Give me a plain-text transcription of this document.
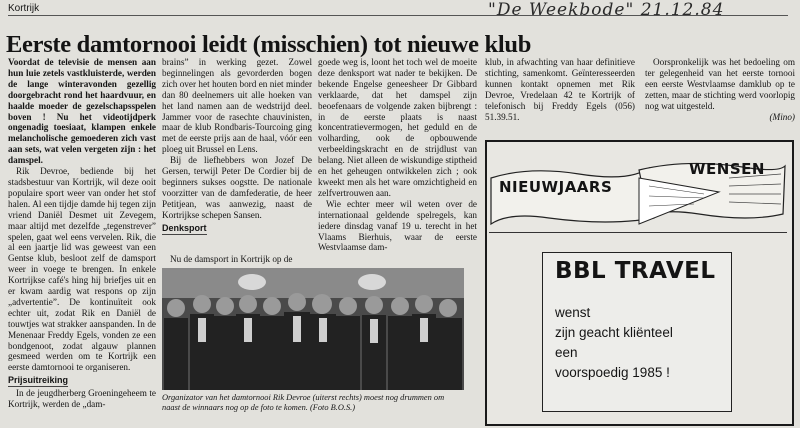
Kortrijk	"De Weekbode" 21.12.84
Eerste damtornooi leidt (misschien) tot nieuwe klub

Voordat de televisie de mensen aan hun luie zetels vastkluisterde, werden de lange winteravonden gezellig doorgebracht rond het haardvuur, en haalde moeder de gezelschapsspelen boven ! Nu het videotijdperk ongenadig toesiaat, klampen enkele melancholische gemoederen zich vast aan sets, wat velen vergeten zijn : het damspel.

Rik Devroe, bediende bij het stadsbestuur van Kortrijk, wil deze ooit populaire sport weer van onder het stof halen. Al een tijdje damde hij tegen zijn vriend Daniël Desmet uit Zevegem, maar altijd met dezelfde „tegenstrever” spelen, gaat wel eens vervelen. Rik, die al een jaartje lid was geweest van een Gentse klub, besloot zelf de damsport weer in voege te brengen. In enkele Kortrijkse café's hing hij briefjes uit en er kwam aardig wat respons op zijn „advertentie”. De kontinuïteit ook echter uit, zodat Rik en Daniël de touwtjes wat strakker aanspanden. In de Menenaar Freddy Egels, vonden ze een bondgenoot, zodat algauw plannen gesmeed werden om te Kortrijk een eerste damtornooi te organiseren.

Prijsuitreiking

In de jeugdherberg Groeningeheem te Kortrijk, werden de „dam-

brains” in werking gezet. Zowel beginnelingen als gevorderden bogen zich over het houten bord en niet minder dan 80 deelnemers uit alle hoeken van het land namen aan de wedstrijd deel. Jammer voor de rasechte chauvinisten, maar de klub Rondbaris-Tourcoing ging met de eerste prijs aan de haal, vóór een ploeg uit Brussel en Lens.

Bij de liefhebbers won Jozef De Gersen, terwijl Peter De Cordier bij de beginners sukses oogstte. De nationale voorzitter van de damfederatie, de heer Petitjean, was aanwezig, naast de Kortrijkse schepen Sansen.

Denksport
Nu de damsport in Kortrijk op de

goede weg is, loont het toch wel de moeite deze denksport wat nader te bekijken. De bekende Engelse geneesheer Dr Gibbard verklaarde, dat het damspel zijn beoefenaars de volgende zaken bijbrengt : in de eerste plaats is naast koncentratievermogen, het geduld en de volharding, ook de opbouwende verbeeldingskracht en de strijdlust van belang. Niet alleen de wiskundige stiptheid en het geheugen ontwikkelen zich ; ook kweekt men als het ware omzichtigheid en zelfvertrouwen aan.

Wie echter meer wil weten over de internationaal geldende spelregels, kan iedere dinsdag vanaf 19 u. terecht in het Vlaams Bierhuis, waar de eerste Westvlaamse dam-

klub, in afwachting van haar definitieve stichting, samenkomt. Geïnteresseerden kunnen kontakt opnemen met Rik Devroe, Vredelaan 42 te Kortrijk of telefonisch bij Freddy Egels (056) 51.39.51.

Oorspronkelijk was het bedoeling om ter gelegenheid van het eerste tornooi een eerste Westvlaamse damklub op te zetten, maar de stichting werd voorlopig nog wat uitgesteld.

(Mino)

Organizator van het damtornooi Rik Devroe (uiterst rechts) moest nog drummen om naast de winnaars nog op de foto te komen. (Foto B.O.S.)
NIEUWJAARS
WENSEN
BBL TRAVEL
wenst
zijn geacht kliënteel
een
voorspoedig 1985 !
